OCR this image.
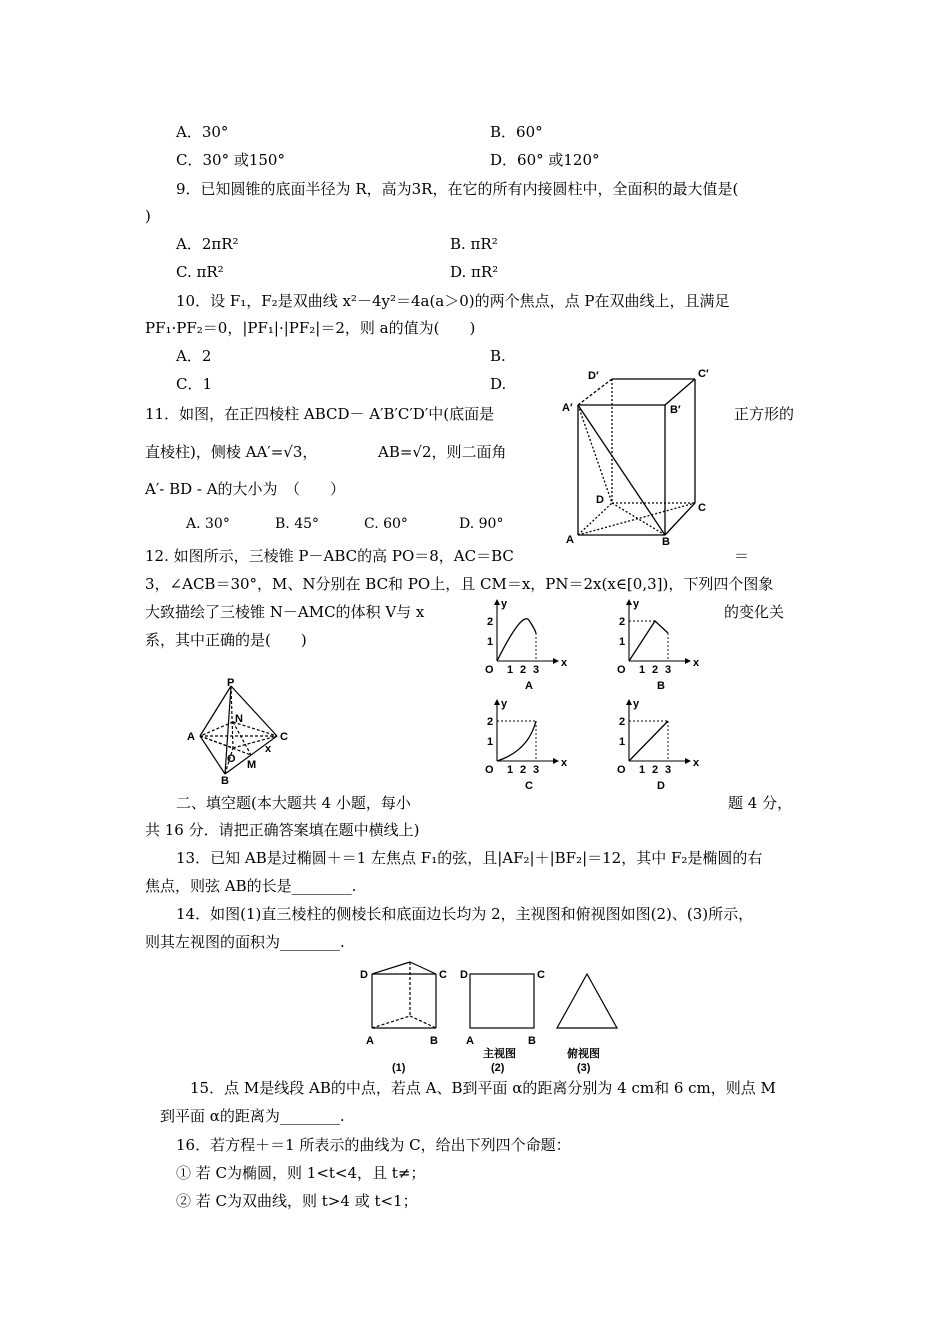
A．30°	B．60°
C．30° 或150°	D．60° 或120°
9．已知圆锥的底面半径为 R，高为3R，在它的所有内接圆柱中，全面积的最大值是(
)
A．2πR²	B. πR²
C. πR²	D. πR²
10．设 F₁，F₂是双曲线 x²－4y²＝4a(a＞0)的两个焦点，点 P在双曲线上，且满足
PF₁·PF₂＝0，|PF₁|·|PF₂|＝2，则 a的值为(　　)
A．2	B.
C．1	D.
11．如图，在正四棱柱 ABCD－ A′B′C′D′中(底面是	正方形的
直棱柱)，侧棱 AA′=√3，	AB=√2，则二面角
A′- BD - A的大小为　（　　）
A. 30°	B. 45°	C. 60°	D. 90°
D′	C′
A′	B′
D
C
A	B
12. 如图所示，三棱锥 P－ABC的高 PO＝8，AC＝BC	＝
3，∠ACB＝30°，M、N分别在 BC和 PO上，且 CM＝x，PN＝2x(x∈[0,3])，下列四个图象
大致描绘了三棱锥 N－AMC的体积 V与 x	的变化关
系，其中正确的是(　　)
P
N
A	C
O
x
M
B
y
x
O 1 2 3
1
2
A
y
x
O 1 2 3
1
2
B
y
x
O 1 2 3
1
2
C
y
x
O 1 2 3
1
2
D
二、填空题(本大题共 4 小题，每小	题 4 分，
共 16 分．请把正确答案填在题中横线上)
13．已知 AB是过椭圆＋＝1 左焦点 F₁的弦，且|AF₂|＋|BF₂|＝12，其中 F₂是椭圆的右
焦点，则弦 AB的长是________.
14．如图(1)直三棱柱的侧棱长和底面边长均为 2，主视图和俯视图如图(2)、(3)所示，
则其左视图的面积为________.
D	C
A	B
(1)
D	C
A	B
主视图
(2)
俯视图
(3)
15．点 M是线段 AB的中点，若点 A、B到平面 α的距离分别为 4 cm和 6 cm，则点 M
到平面 α的距离为________.
16．若方程＋＝1 所表示的曲线为 C，给出下列四个命题：
① 若 C为椭圆，则 1<t<4，且 t≠；
② 若 C为双曲线，则 t>4 或 t<1；
